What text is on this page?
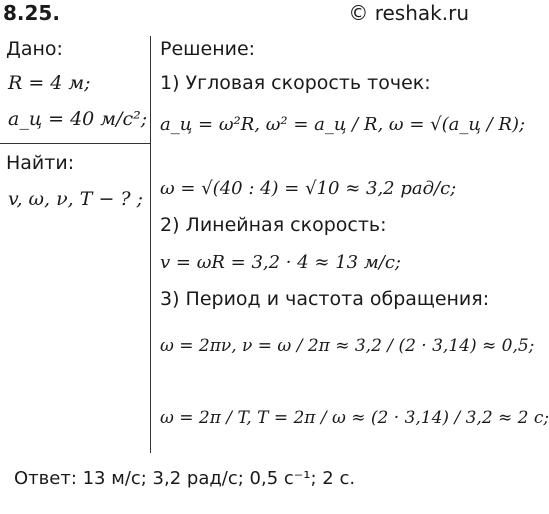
8.25.	© reshak.ru
Дано:
R = 4 м;
a_ц = 40 м/с²;
Найти:
v, ω, ν, T − ? ;
Решение:
1) Угловая скорость точек:
a_ц = ω²R, ω² = a_ц / R, ω = √(a_ц / R);
ω = √(40 : 4) = √10 ≈ 3,2 рад/с;
2) Линейная скорость:
v = ωR = 3,2 · 4 ≈ 13 м/с;
3) Период и частота обращения:
ω = 2πν, ν = ω / 2π ≈ 3,2 / (2 · 3,14) ≈ 0,5;
ω = 2π / T, T = 2π / ω ≈ (2 · 3,14) / 3,2 ≈ 2 с;
Ответ: 13 м/с; 3,2 рад/с; 0,5 с⁻¹; 2 с.
